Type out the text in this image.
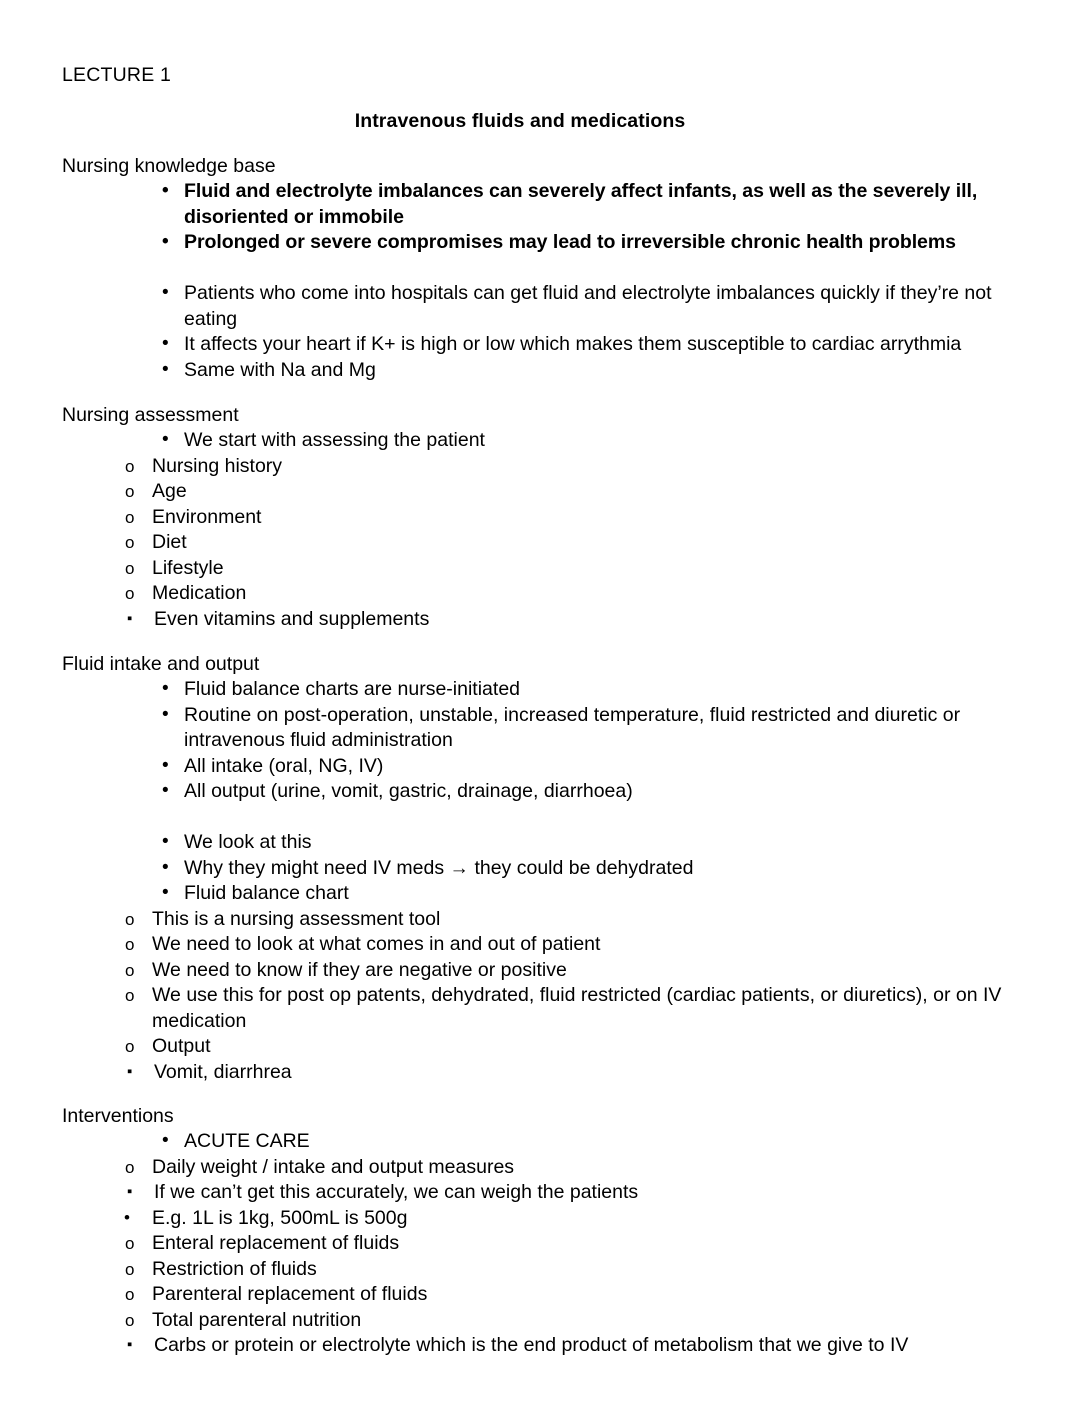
LECTURE 1
Intravenous fluids and medications
Nursing knowledge base
• Fluid and electrolyte imbalances can severely affect infants, as well as the severely ill, disoriented or immobile
• Prolonged or severe compromises may lead to irreversible chronic health problems
• Patients who come into hospitals can get fluid and electrolyte imbalances quickly if they’re not eating
• It affects your heart if K+ is high or low which makes them susceptible to cardiac arrythmia
• Same with Na and Mg
Nursing assessment
• We start with assessing the patient
o Nursing history
o Age
o Environment
o Diet
o Lifestyle
o Medication
▪ Even vitamins and supplements
Fluid intake and output
• Fluid balance charts are nurse-initiated
• Routine on post-operation, unstable, increased temperature, fluid restricted and diuretic or intravenous fluid administration
• All intake (oral, NG, IV)
• All output (urine, vomit, gastric, drainage, diarrhoea)
• We look at this
• Why they might need IV meds → they could be dehydrated
• Fluid balance chart
o This is a nursing assessment tool
o We need to look at what comes in and out of patient
o We need to know if they are negative or positive
o We use this for post op patents, dehydrated, fluid restricted (cardiac patients, or diuretics), or on IV medication
o Output
▪ Vomit, diarrhrea
Interventions
• ACUTE CARE
o Daily weight / intake and output measures
▪ If we can’t get this accurately, we can weigh the patients
• E.g. 1L is 1kg, 500mL is 500g
o Enteral replacement of fluids
o Restriction of fluids
o Parenteral replacement of fluids
o Total parenteral nutrition
▪ Carbs or protein or electrolyte which is the end product of metabolism that we give to IV
